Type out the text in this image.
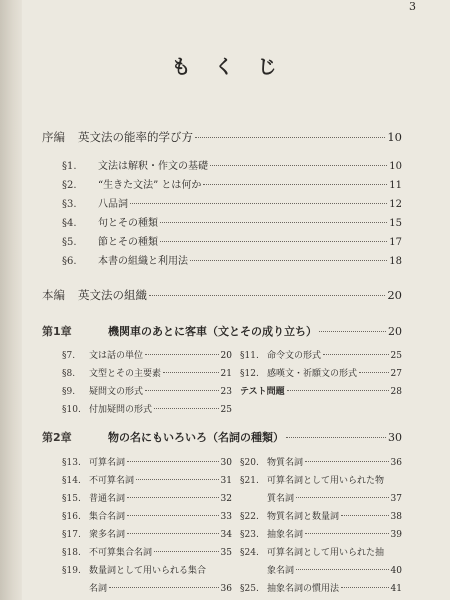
3
もくじ
序編	英文法の能率的学び方	10
§1.	文法は解釈・作文の基礎	10
§2.	“生きた文法” とは何か	11
§3.	八品詞	12
§4.	句とその種類	15
§5.	節とその種類	17
§6.	本書の組織と利用法	18
本編	英文法の組織	20
第1章	機関車のあとに客車（文とその成り立ち）	20
§7.	文は話の単位	20
§8.	文型とその主要素	21
§9.	疑問文の形式	23
§10. 付加疑問の形式	25
§11. 命令文の形式	25
§12. 感嘆文・祈願文の形式	27
テスト問題	28
第2章	物の名にもいろいろ（名詞の種類）	30
§13. 可算名詞	30
§14. 不可算名詞	31
§15. 普通名詞	32
§16. 集合名詞	33
§17. 衆多名詞	34
§18. 不可算集合名詞	35
§19. 数量詞として用いられる集合
名詞	36
§20. 物質名詞	36
§21. 可算名詞として用いられた物
質名詞	37
§22. 物質名詞と数量詞	38
§23. 抽象名詞	39
§24. 可算名詞として用いられた抽
象名詞	40
§25. 抽象名詞の慣用法	41
